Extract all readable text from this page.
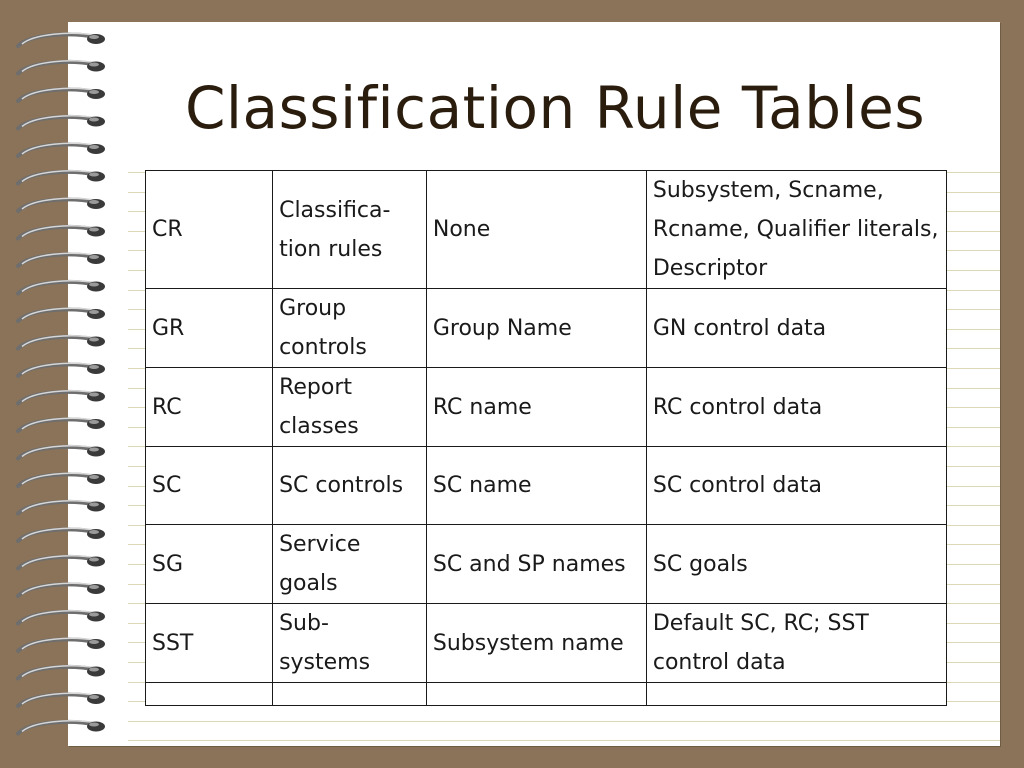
Classification Rule Tables
CR	Classifica-tion rules	None	Subsystem, Scname, Rcname, Qualifier literals, Descriptor
GR	Group controls	Group Name	GN control data
RC	Report classes	RC name	RC control data
SC	SC controls	SC name	SC control data
SG	Service goals	SC and SP names	SC goals
SST	Sub-systems	Subsystem name	Default SC, RC; SST control data
